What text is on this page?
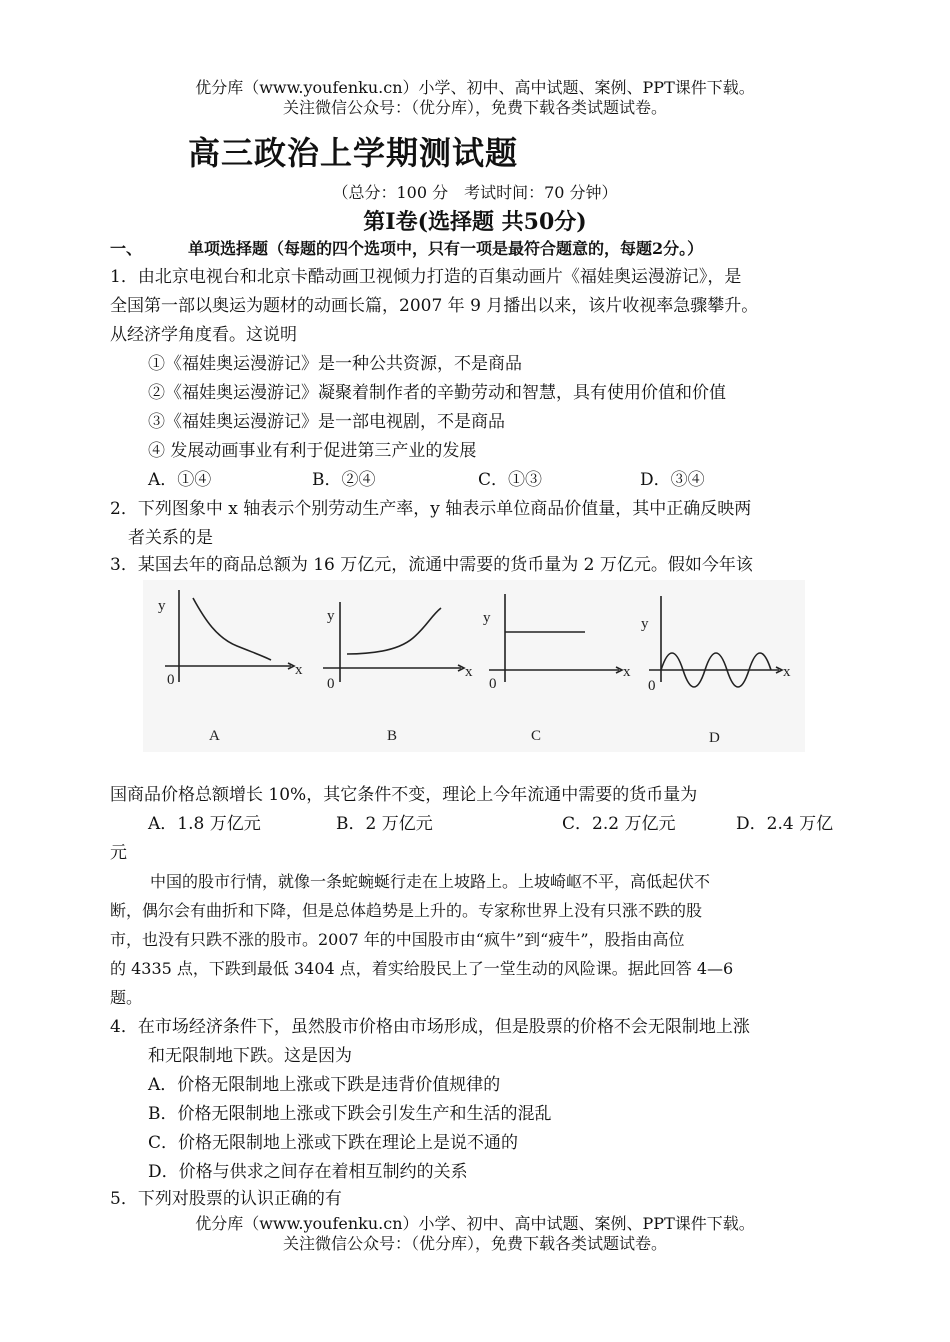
优分库（www.youfenku.cn）小学、初中、高中试题、案例、PPT课件下载。
关注微信公众号：（优分库），免费下载各类试题试卷。
高三政治上学期测试题
（总分：100 分　考试时间：70 分钟）
第Ⅰ卷(选择题 共50分)
一、	单项选择题（每题的四个选项中，只有一项是最符合题意的，每题2分。）
1．由北京电视台和北京卡酷动画卫视倾力打造的百集动画片《福娃奥运漫游记》，是
全国第一部以奥运为题材的动画长篇，2007 年 9 月播出以来，该片收视率急骤攀升。
从经济学角度看。这说明
①《福娃奥运漫游记》是一种公共资源，不是商品
②《福娃奥运漫游记》凝聚着制作者的辛勤劳动和智慧，具有使用价值和价值
③《福娃奥运漫游记》是一部电视剧，不是商品
④ 发展动画事业有利于促进第三产业的发展
A．①④	B．②④	C．①③	D．③④
2．下列图象中 x 轴表示个别劳动生产率，y 轴表示单位商品价值量，其中正确反映两
者关系的是
3．某国去年的商品总额为 16 万亿元，流通中需要的货币量为 2 万亿元。假如今年该
y
0
x
A
y
0
x
B
y
0
x
C
y
0
x
D
国商品价格总额增长 10%，其它条件不变，理论上今年流通中需要的货币量为
A．1.8 万亿元	B．2 万亿元	C．2.2 万亿元	D．2.4 万亿
元
中国的股市行情，就像一条蛇蜿蜒行走在上坡路上。上坡崎岖不平，高低起伏不
断，偶尔会有曲折和下降，但是总体趋势是上升的。专家称世界上没有只涨不跌的股
市，也没有只跌不涨的股市。2007 年的中国股市由“疯牛”到“疲牛”，股指由高位
的 4335 点，下跌到最低 3404 点，着实给股民上了一堂生动的风险课。据此回答 4—6
题。
4．在市场经济条件下，虽然股市价格由市场形成，但是股票的价格不会无限制地上涨
和无限制地下跌。这是因为
A．价格无限制地上涨或下跌是违背价值规律的
B．价格无限制地上涨或下跌会引发生产和生活的混乱
C．价格无限制地上涨或下跌在理论上是说不通的
D．价格与供求之间存在着相互制约的关系
5．下列对股票的认识正确的有
优分库（www.youfenku.cn）小学、初中、高中试题、案例、PPT课件下载。
关注微信公众号：（优分库），免费下载各类试题试卷。
